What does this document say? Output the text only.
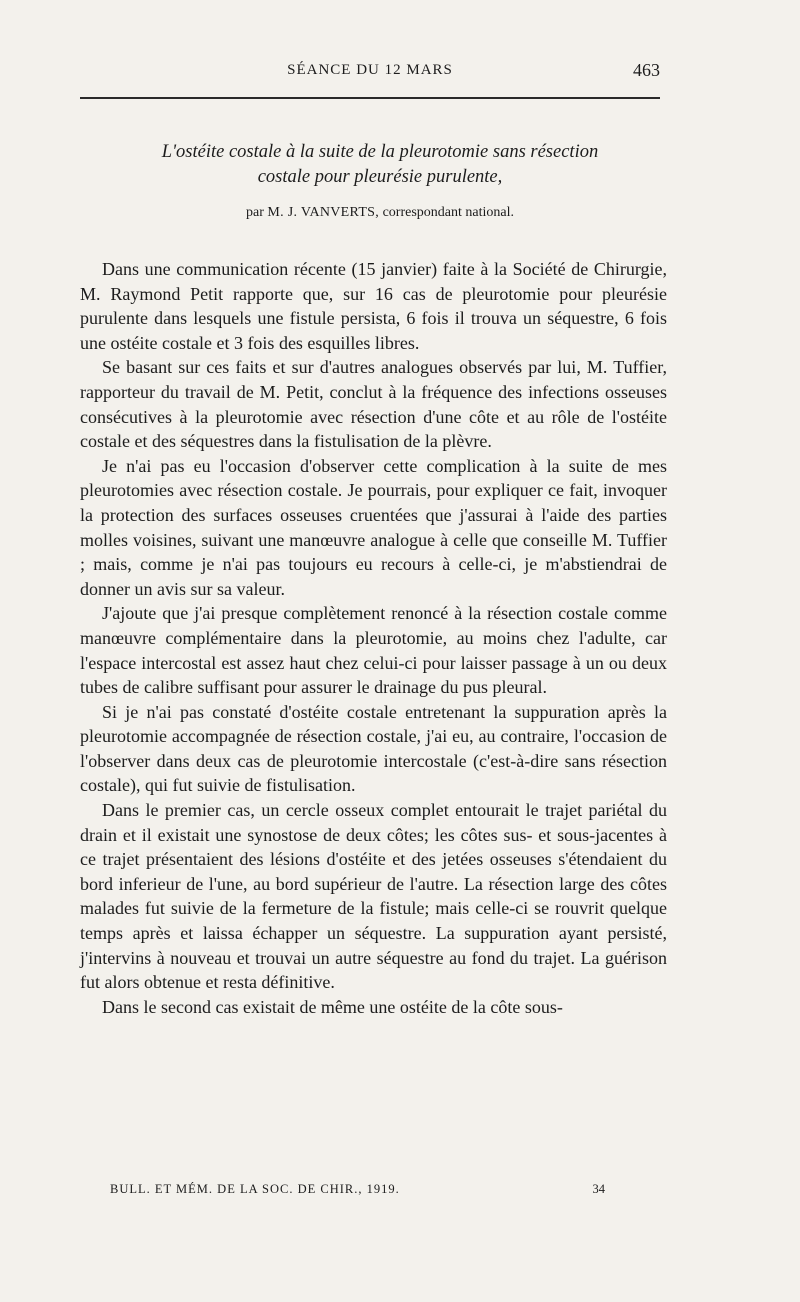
SÉANCE DU 12 MARS	463
L'ostéite costale à la suite de la pleurotomie sans résection
costale pour pleurésie purulente,
par M. J. VANVERTS, correspondant national.

Dans une communication récente (15 janvier) faite à la Société de Chirurgie, M. Raymond Petit rapporte que, sur 16 cas de pleurotomie pour pleurésie purulente dans lesquels une fistule persista, 6 fois il trouva un séquestre, 6 fois une ostéite costale et 3 fois des esquilles libres.

Se basant sur ces faits et sur d'autres analogues observés par lui, M. Tuffier, rapporteur du travail de M. Petit, conclut à la fréquence des infections osseuses consécutives à la pleurotomie avec résection d'une côte et au rôle de l'ostéite costale et des séquestres dans la fistulisation de la plèvre.

Je n'ai pas eu l'occasion d'observer cette complication à la suite de mes pleurotomies avec résection costale. Je pourrais, pour expliquer ce fait, invoquer la protection des surfaces osseuses cruentées que j'assurai à l'aide des parties molles voisines, suivant une manœuvre analogue à celle que conseille M. Tuffier ; mais, comme je n'ai pas toujours eu recours à celle-ci, je m'abstiendrai de donner un avis sur sa valeur.

J'ajoute que j'ai presque complètement renoncé à la résection costale comme manœuvre complémentaire dans la pleurotomie, au moins chez l'adulte, car l'espace intercostal est assez haut chez celui-ci pour laisser passage à un ou deux tubes de calibre suffisant pour assurer le drainage du pus pleural.

Si je n'ai pas constaté d'ostéite costale entretenant la suppuration après la pleurotomie accompagnée de résection costale, j'ai eu, au contraire, l'occasion de l'observer dans deux cas de pleurotomie intercostale (c'est-à-dire sans résection costale), qui fut suivie de fistulisation.

Dans le premier cas, un cercle osseux complet entourait le trajet pariétal du drain et il existait une synostose de deux côtes; les côtes sus- et sous-jacentes à ce trajet présentaient des lésions d'ostéite et des jetées osseuses s'étendaient du bord inferieur de l'une, au bord supérieur de l'autre. La résection large des côtes malades fut suivie de la fermeture de la fistule; mais celle-ci se rouvrit quelque temps après et laissa échapper un séquestre. La suppuration ayant persisté, j'intervins à nouveau et trouvai un autre séquestre au fond du trajet. La guérison fut alors obtenue et resta définitive.

Dans le second cas existait de même une ostéite de la côte sous-

BULL. ET MÉM. DE LA SOC. DE CHIR., 1919.	34
